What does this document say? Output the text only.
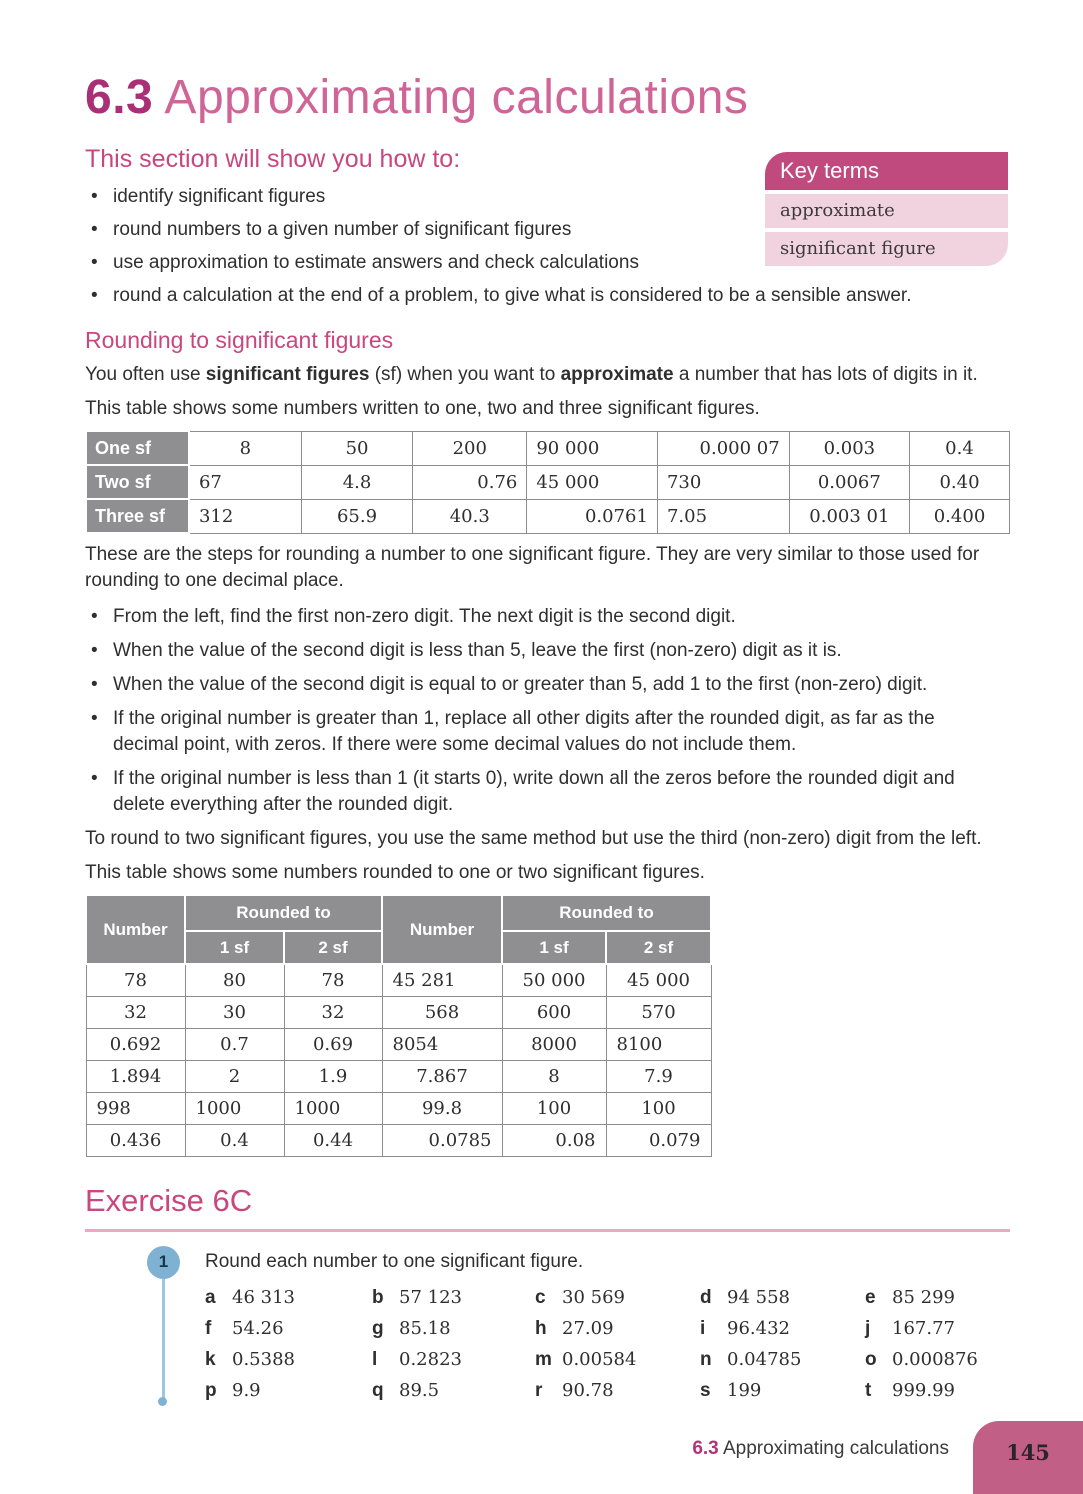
6.3 Approximating calculations
This section will show you how to:
• identify significant figures
• round numbers to a given number of significant figures
• use approximation to estimate answers and check calculations
• round a calculation at the end of a problem, to give what is considered to be a sensible answer.
Rounding to significant figures

You often use significant figures (sf) when you want to approximate a number that has lots of digits in it.

This table shows some numbers written to one, two and three significant figures.

One sf	8	50	200	90 000	0.000 07	0.003	0.4
Two sf	67	4.8	0.76	45 000	730	0.0067	0.40
Three sf	312	65.9	40.3	0.0761	7.05	0.003 01	0.400

These are the steps for rounding a number to one significant figure. They are very similar to those used for rounding to one decimal place.

• From the left, find the first non-zero digit. The next digit is the second digit.
• When the value of the second digit is less than 5, leave the first (non-zero) digit as it is.
• When the value of the second digit is equal to or greater than 5, add 1 to the first (non-zero) digit.
• If the original number is greater than 1, replace all other digits after the rounded digit, as far as the decimal point, with zeros. If there were some decimal values do not include them.
• If the original number is less than 1 (it starts 0), write down all the zeros before the rounded digit and delete everything after the rounded digit.

To round to two significant figures, you use the same method but use the third (non-zero) digit from the left.

This table shows some numbers rounded to one or two significant figures.

Number	Rounded to		Number	Rounded to	
	1 sf	2 sf		1 sf	2 sf
78	80	78	45 281	50 000	45 000
32	30	32	568	600	570
0.692	0.7	0.69	8054	8000	8100
1.894	2	1.9	7.867	8	7.9
998	1000	1000	99.8	100	100
0.436	0.4	0.44	0.0785	0.08	0.079
Exercise 6C
1	Round each number to one significant figure.
a 46 313	b 57 123	c 30 569	d 94 558	e 85 299
f 54.26	g 85.18	h 27.09	i 96.432	j 167.77
k 0.5388	l 0.2823	m 0.00584	n 0.04785	o 0.000876
p 9.9	q 89.5	r 90.78	s 199	t 999.99
Key terms
approximate
significant figure
6.3 Approximating calculations	145
